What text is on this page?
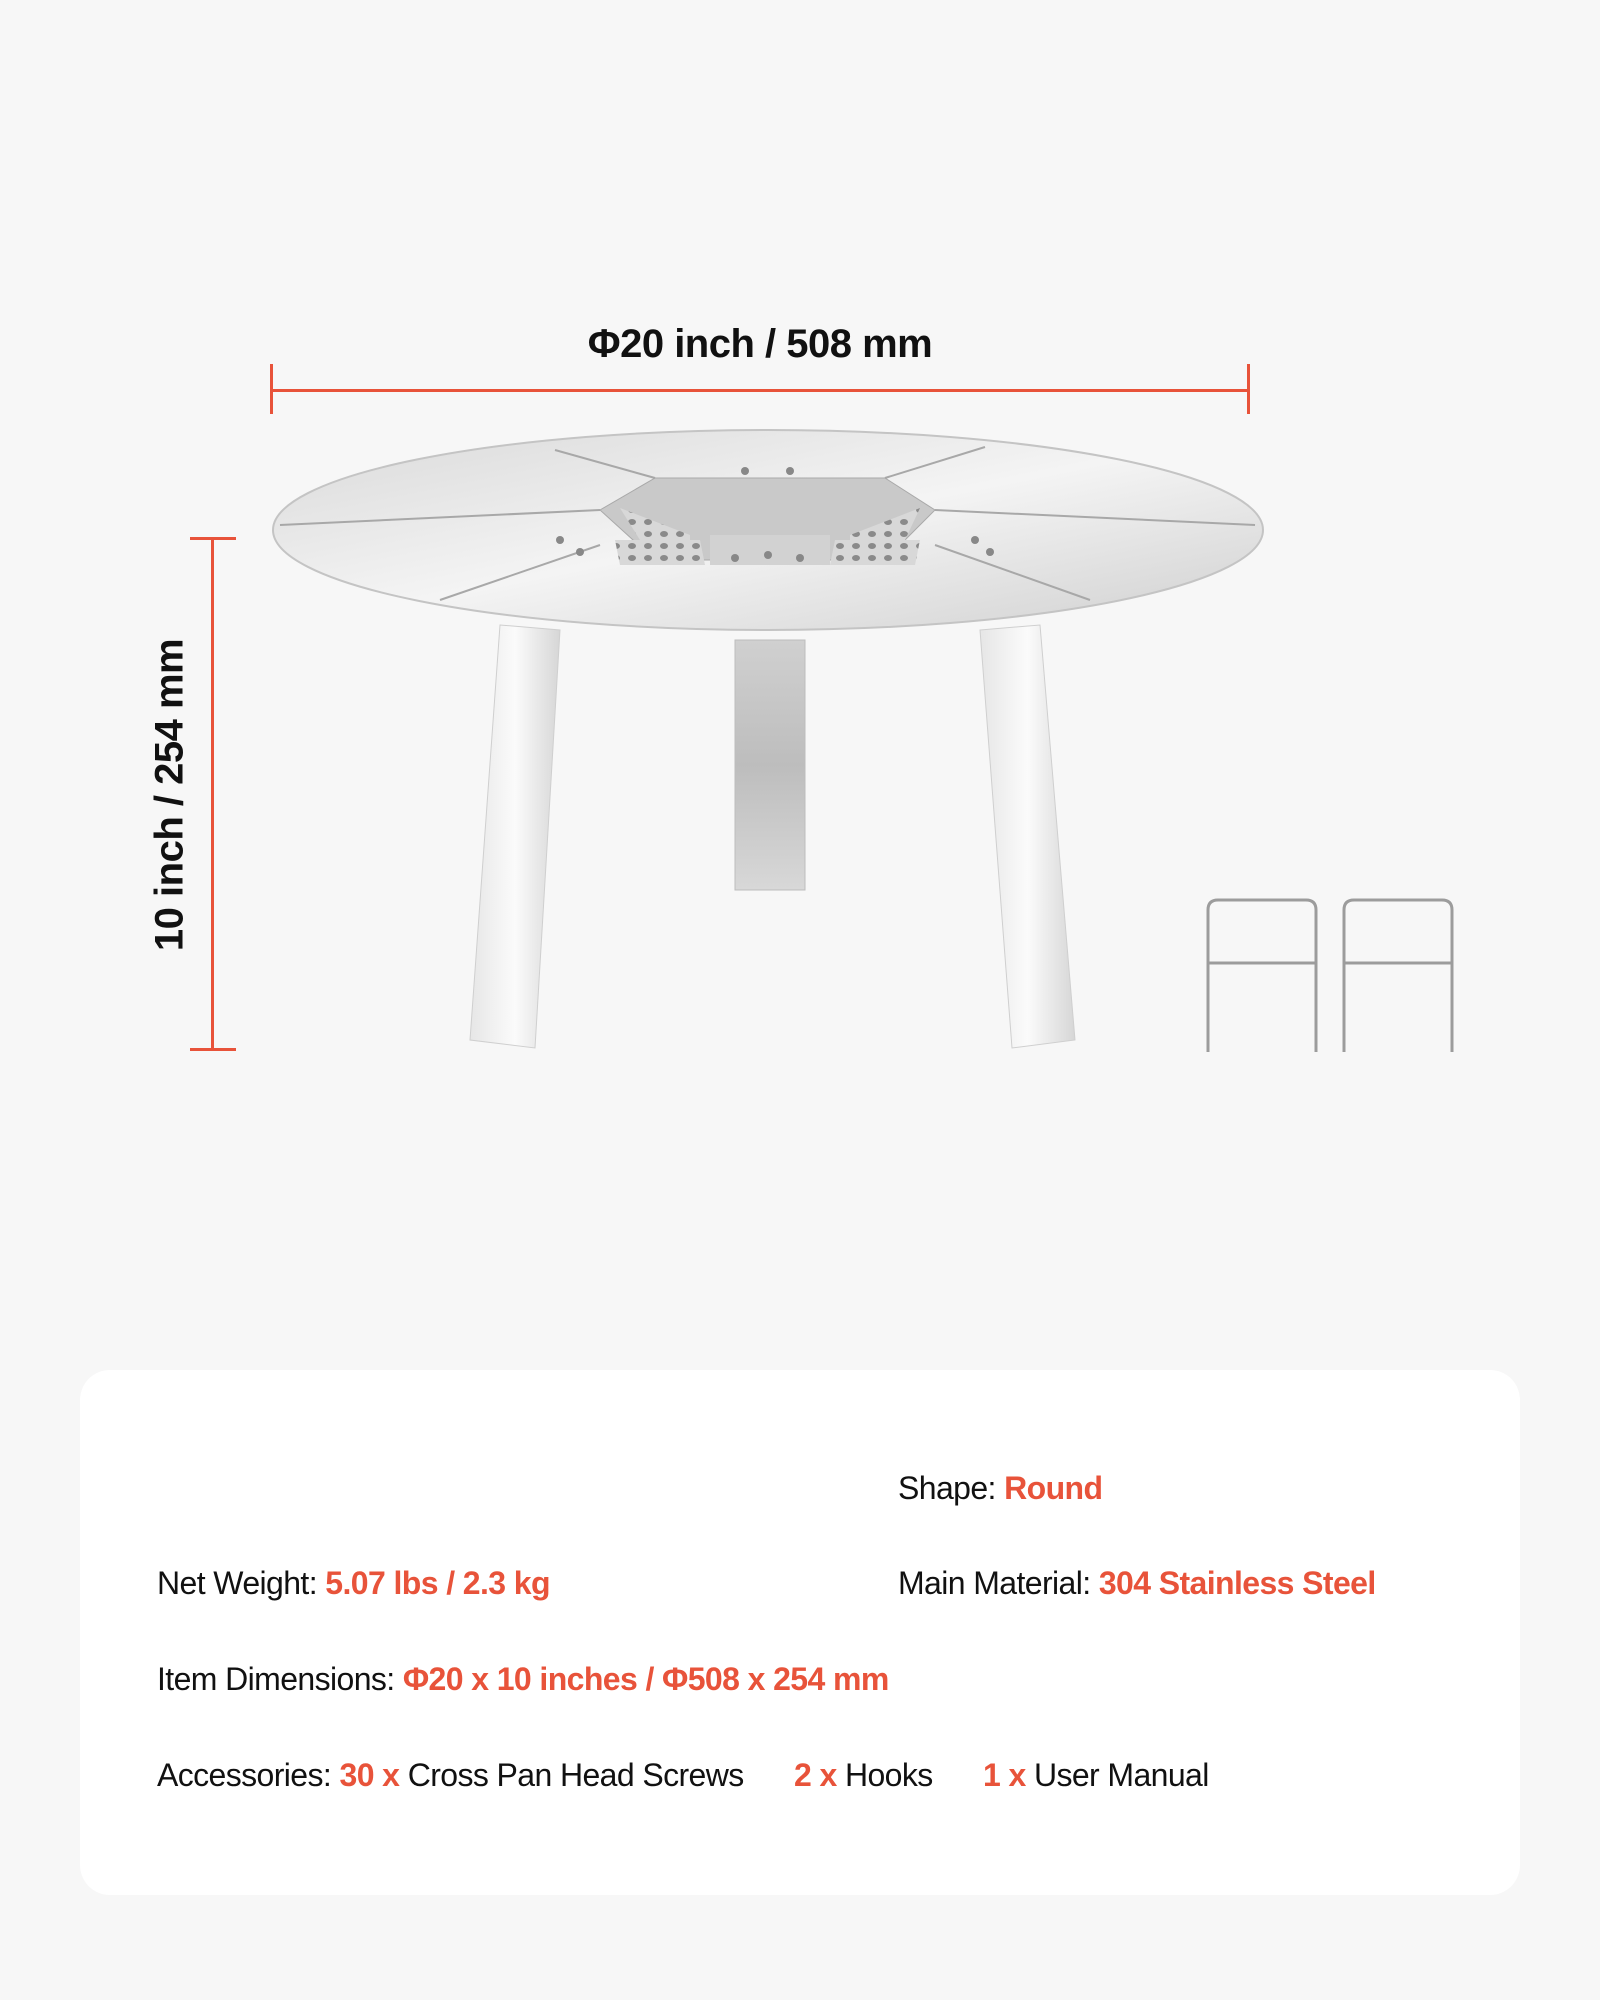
Φ20 inch / 508 mm
10 inch / 254 mm
Shape: Round
Net Weight: 5.07 lbs / 2.3 kg	Main Material: 304 Stainless Steel
Item Dimensions: Φ20 x 10 inches / Φ508 x 254 mm
Accessories: 30 x Cross Pan Head Screws 2 x Hooks 1 x User Manual
